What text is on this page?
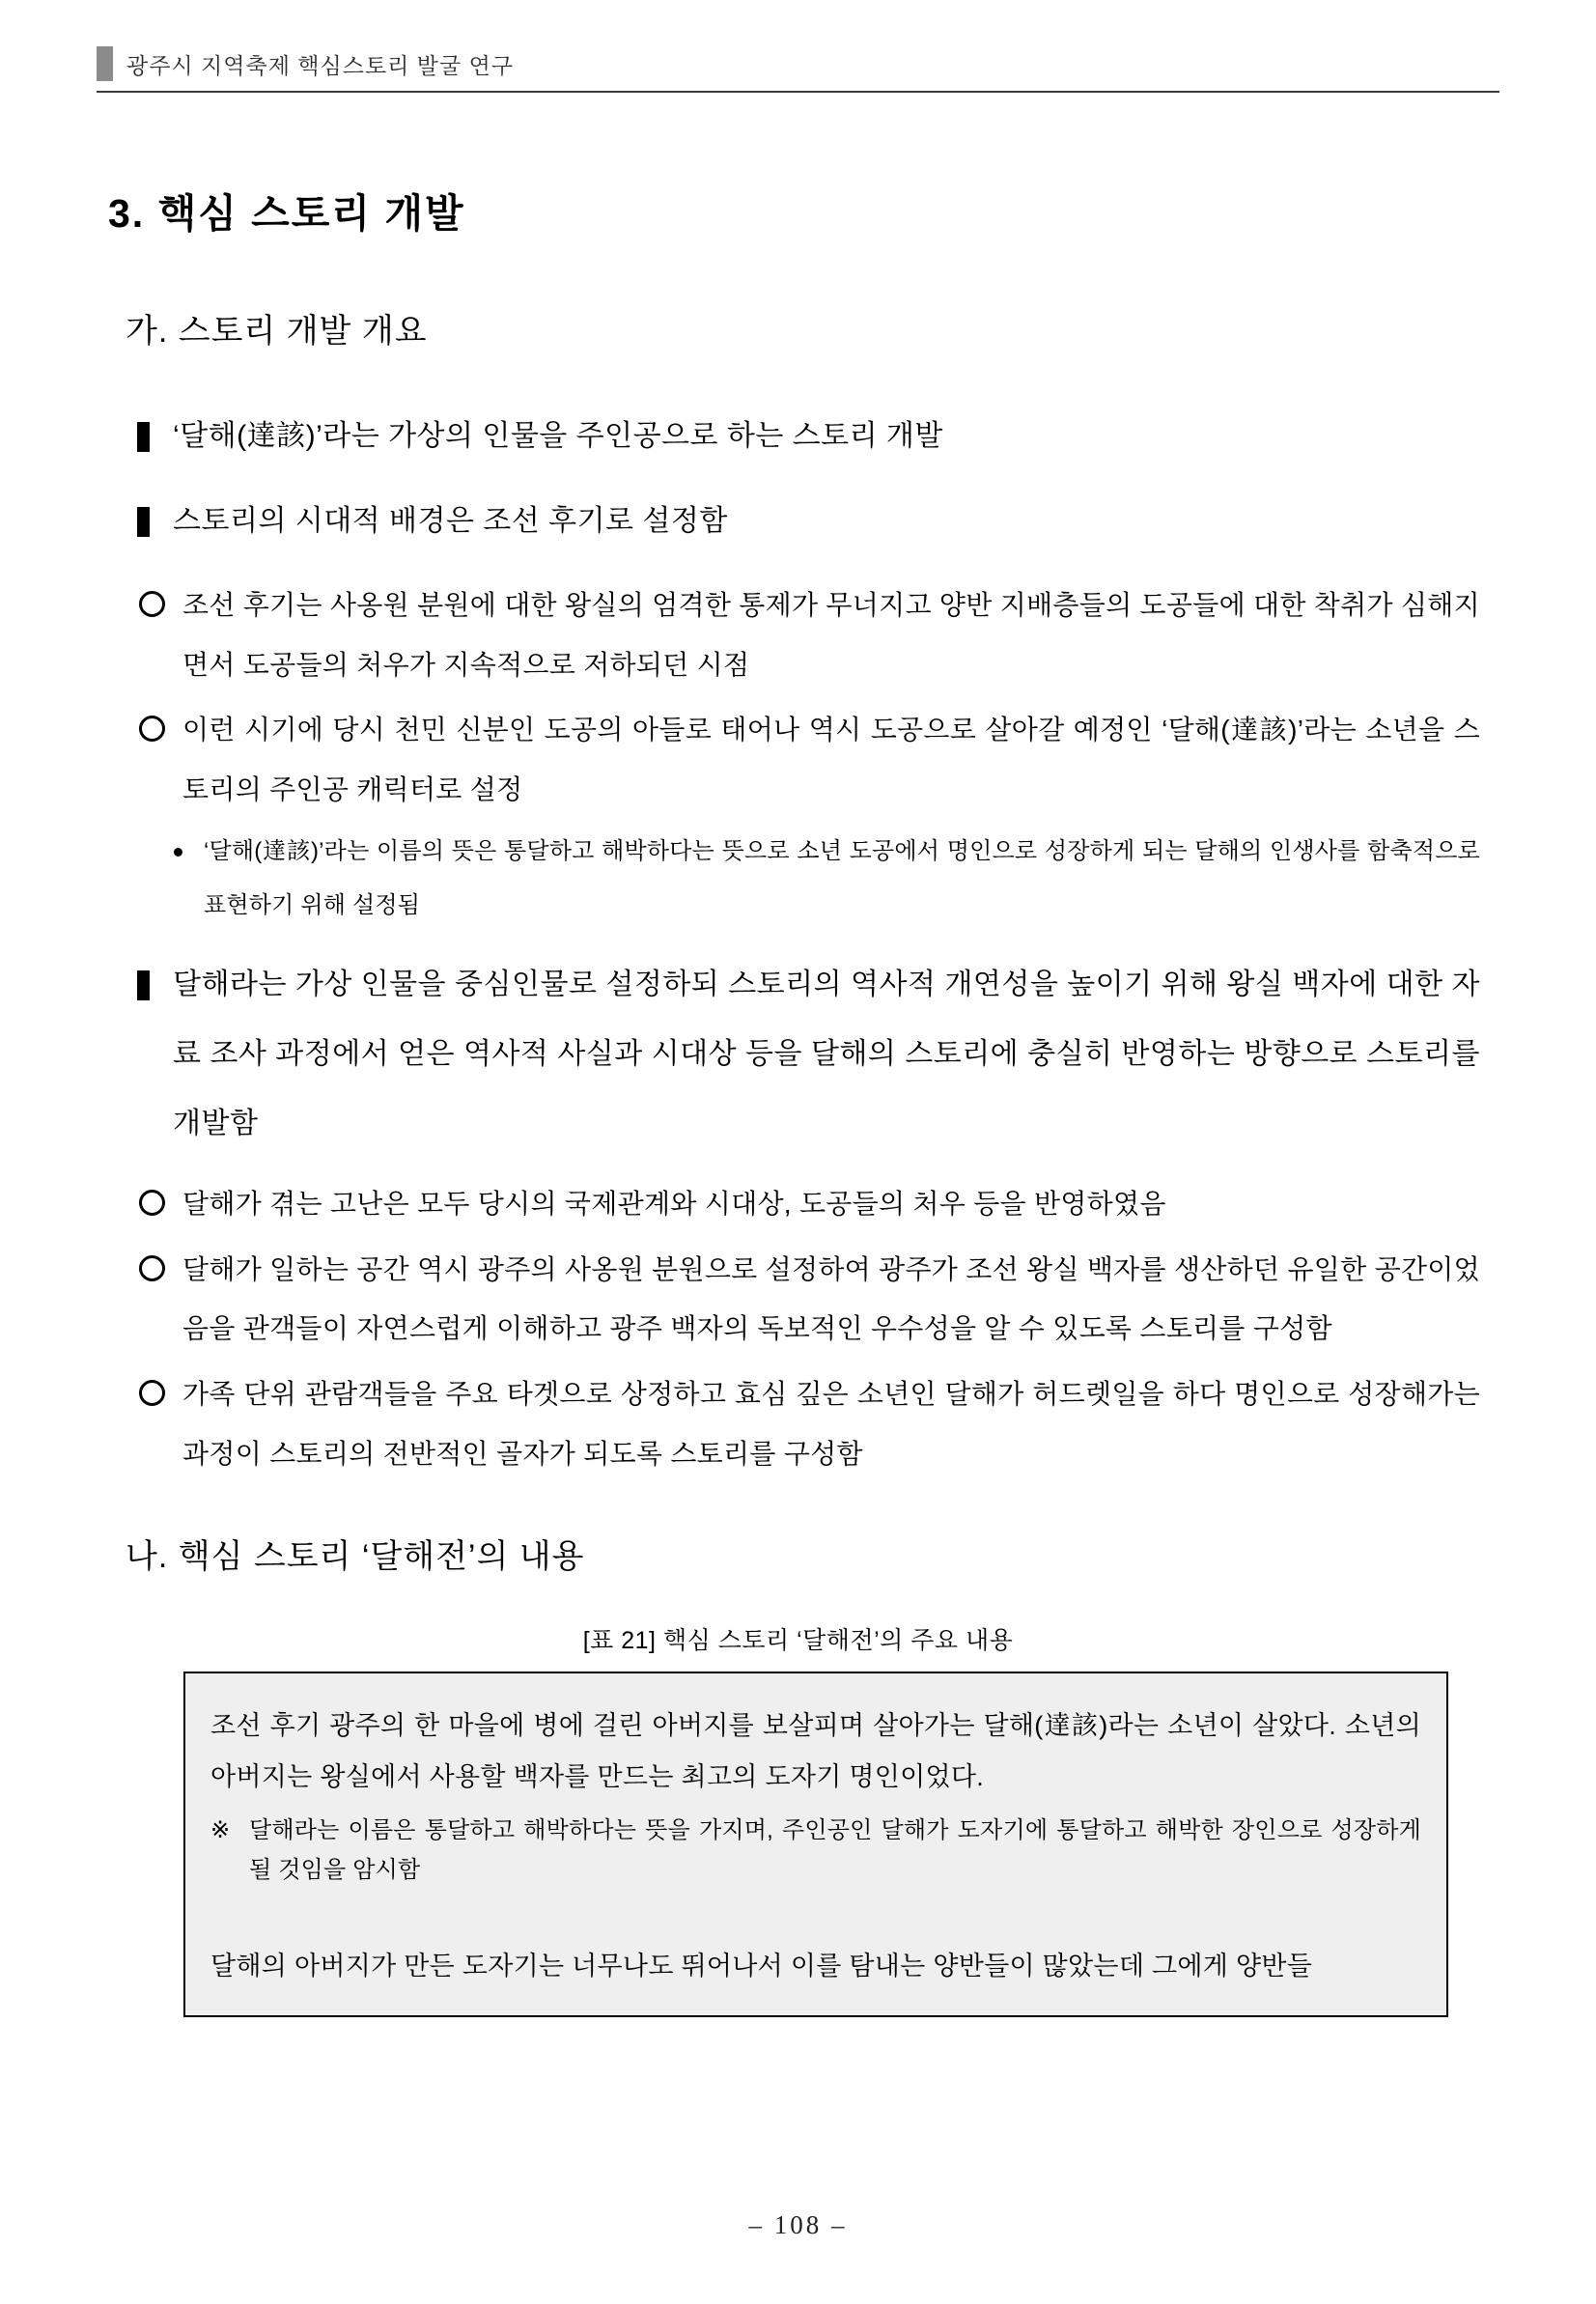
광주시 지역축제 핵심스토리 발굴 연구
3. 핵심 스토리 개발
가. 스토리 개발 개요
‘달해(達該)’라는 가상의 인물을 주인공으로 하는 스토리 개발
스토리의 시대적 배경은 조선 후기로 설정함
조선 후기는 사옹원 분원에 대한 왕실의 엄격한 통제가 무너지고 양반 지배층들의 도공들에 대한 착취가 심해지면서 도공들의 처우가 지속적으로 저하되던 시점
이런 시기에 당시 천민 신분인 도공의 아들로 태어나 역시 도공으로 살아갈 예정인 ‘달해(達該)’라는 소년을 스토리의 주인공 캐릭터로 설정
‘달해(達該)’라는 이름의 뜻은 통달하고 해박하다는 뜻으로 소년 도공에서 명인으로 성장하게 되는 달해의 인생사를 함축적으로 표현하기 위해 설정됨
달해라는 가상 인물을 중심인물로 설정하되 스토리의 역사적 개연성을 높이기 위해 왕실 백자에 대한 자료 조사 과정에서 얻은 역사적 사실과 시대상 등을 달해의 스토리에 충실히 반영하는 방향으로 스토리를 개발함
달해가 겪는 고난은 모두 당시의 국제관계와 시대상, 도공들의 처우 등을 반영하였음
달해가 일하는 공간 역시 광주의 사옹원 분원으로 설정하여 광주가 조선 왕실 백자를 생산하던 유일한 공간이었음을 관객들이 자연스럽게 이해하고 광주 백자의 독보적인 우수성을 알 수 있도록 스토리를 구성함
가족 단위 관람객들을 주요 타겟으로 상정하고 효심 깊은 소년인 달해가 허드렛일을 하다 명인으로 성장해가는 과정이 스토리의 전반적인 골자가 되도록 스토리를 구성함
나. 핵심 스토리 ‘달해전’의 내용
[표 21] 핵심 스토리 ‘달해전’의 주요 내용

조선 후기 광주의 한 마을에 병에 걸린 아버지를 보살피며 살아가는 달해(達該)라는 소년이 살았다. 소년의 아버지는 왕실에서 사용할 백자를 만드는 최고의 도자기 명인이었다.

※ 달해라는 이름은 통달하고 해박하다는 뜻을 가지며, 주인공인 달해가 도자기에 통달하고 해박한 장인으로 성장하게 될 것임을 암시함

달해의 아버지가 만든 도자기는 너무나도 뛰어나서 이를 탐내는 양반들이 많았는데 그에게 양반들

– 108 –
